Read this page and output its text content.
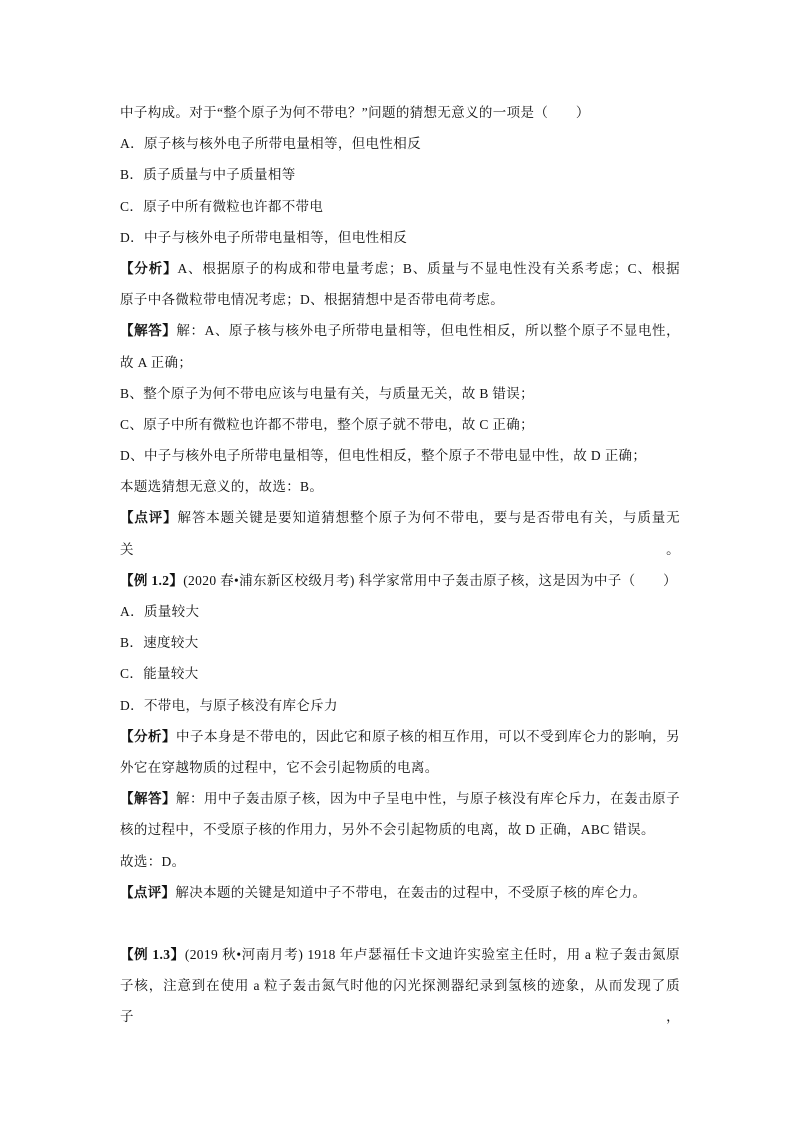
中子构成。对于“整个原子为何不带电？”问题的猜想无意义的一项是（　　）
A．原子核与核外电子所带电量相等，但电性相反
B．质子质量与中子质量相等
C．原子中所有微粒也许都不带电
D．中子与核外电子所带电量相等，但电性相反
【分析】A、根据原子的构成和带电量考虑；B、质量与不显电性没有关系考虑；C、根据
原子中各微粒带电情况考虑；D、根据猜想中是否带电荷考虑。
【解答】解：A、原子核与核外电子所带电量相等，但电性相反，所以整个原子不显电性，
故 A 正确；
B、整个原子为何不带电应该与电量有关，与质量无关，故 B 错误；
C、原子中所有微粒也许都不带电，整个原子就不带电，故 C 正确；
D、中子与核外电子所带电量相等，但电性相反，整个原子不带电显中性，故 D 正确；
本题选猜想无意义的，故选：B。
【点评】解答本题关键是要知道猜想整个原子为何不带电，要与是否带电有关，与质量无关。
【例 1.2】(2020 春•浦东新区校级月考) 科学家常用中子轰击原子核，这是因为中子（　　）
A．质量较大
B．速度较大
C．能量较大
D．不带电，与原子核没有库仑斥力
【分析】中子本身是不带电的，因此它和原子核的相互作用，可以不受到库仑力的影响，另
外它在穿越物质的过程中，它不会引起物质的电离。
【解答】解：用中子轰击原子核，因为中子呈电中性，与原子核没有库仑斥力，在轰击原子
核的过程中，不受原子核的作用力，另外不会引起物质的电离，故 D 正确，ABC 错误。
故选：D。
【点评】解决本题的关键是知道中子不带电，在轰击的过程中，不受原子核的库仑力。
【例 1.3】(2019 秋•河南月考) 1918 年卢瑟福任卡文迪许实验室主任时，用 a 粒子轰击氮原
子核，注意到在使用 a 粒子轰击氮气时他的闪光探测器纪录到氢核的迹象，从而发现了质子，
